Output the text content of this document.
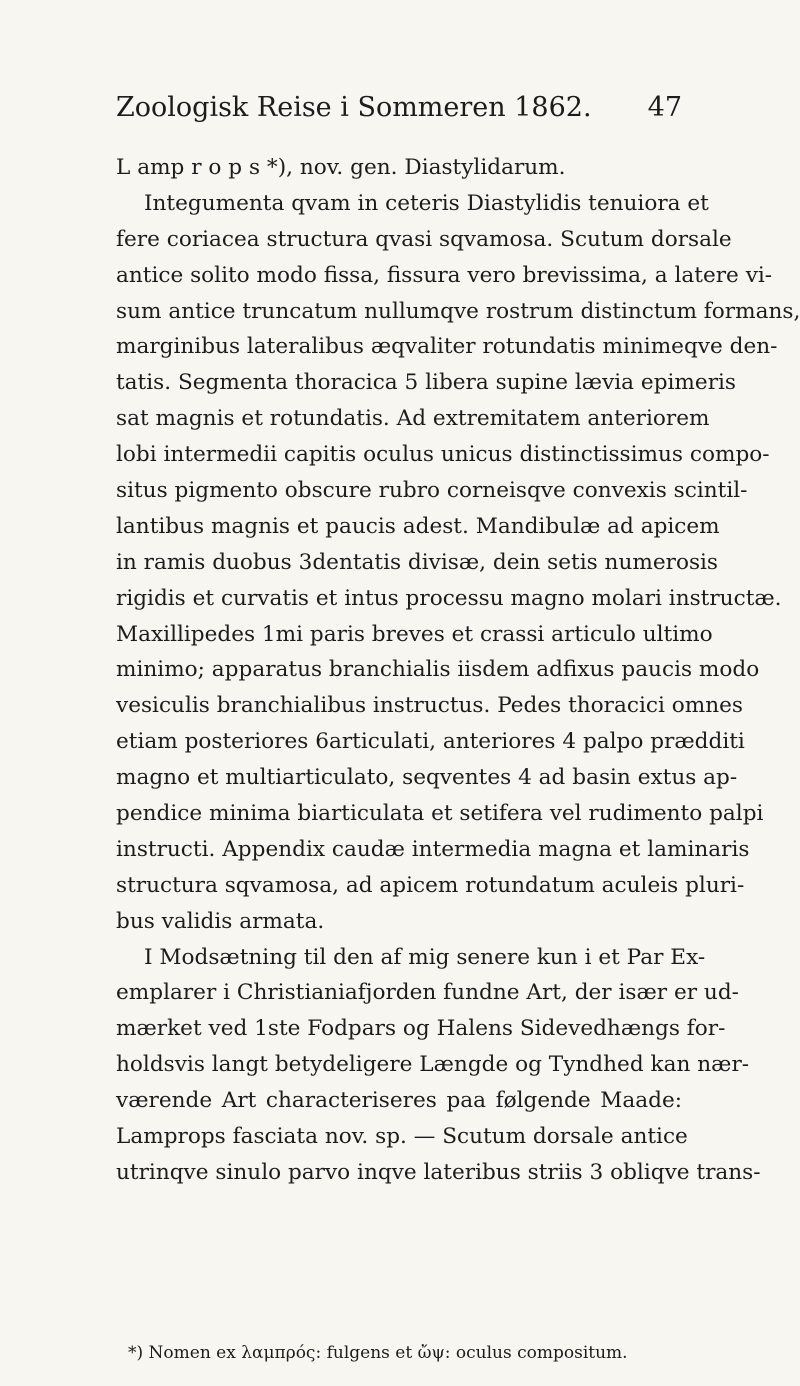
Zoologisk Reise i Sommeren 1862. 47
L amp r o p s *), nov. gen. Diastylidarum.
Integumenta qvam in ceteris Diastylidis tenuiora et
fere coriacea structura qvasi sqvamosa. Scutum dorsale
antice solito modo fissa, fissura vero brevissima, a latere vi-
sum antice truncatum nullumqve rostrum distinctum formans,
marginibus lateralibus æqvaliter rotundatis minimeqve den-
tatis. Segmenta thoracica 5 libera supine lævia epimeris
sat magnis et rotundatis. Ad extremitatem anteriorem
lobi intermedii capitis oculus unicus distinctissimus compo-
situs pigmento obscure rubro corneisqve convexis scintil-
lantibus magnis et paucis adest. Mandibulæ ad apicem
in ramis duobus 3dentatis divisæ, dein setis numerosis
rigidis et curvatis et intus processu magno molari instructæ.
Maxillipedes 1mi paris breves et crassi articulo ultimo
minimo; apparatus branchialis iisdem adfixus paucis modo
vesiculis branchialibus instructus. Pedes thoracici omnes
etiam posteriores 6articulati, anteriores 4 palpo prædditi
magno et multiarticulato, seqventes 4 ad basin extus ap-
pendice minima biarticulata et setifera vel rudimento palpi
instructi. Appendix caudæ intermedia magna et laminaris
structura sqvamosa, ad apicem rotundatum aculeis pluri-
bus validis armata.
I Modsætning til den af mig senere kun i et Par Ex-
emplarer i Christianiafjorden fundne Art, der især er ud-
mærket ved 1ste Fodpars og Halens Sidevedhængs for-
holdsvis langt betydeligere Længde og Tyndhed kan nær-
værende Art characteriseres paa følgende Maade:
Lamprops fasciata nov. sp. — Scutum dorsale antice
utrinqve sinulo parvo inqve lateribus striis 3 obliqve trans-
*) Nomen ex λαμπρός: fulgens et ὤψ: oculus compositum.
